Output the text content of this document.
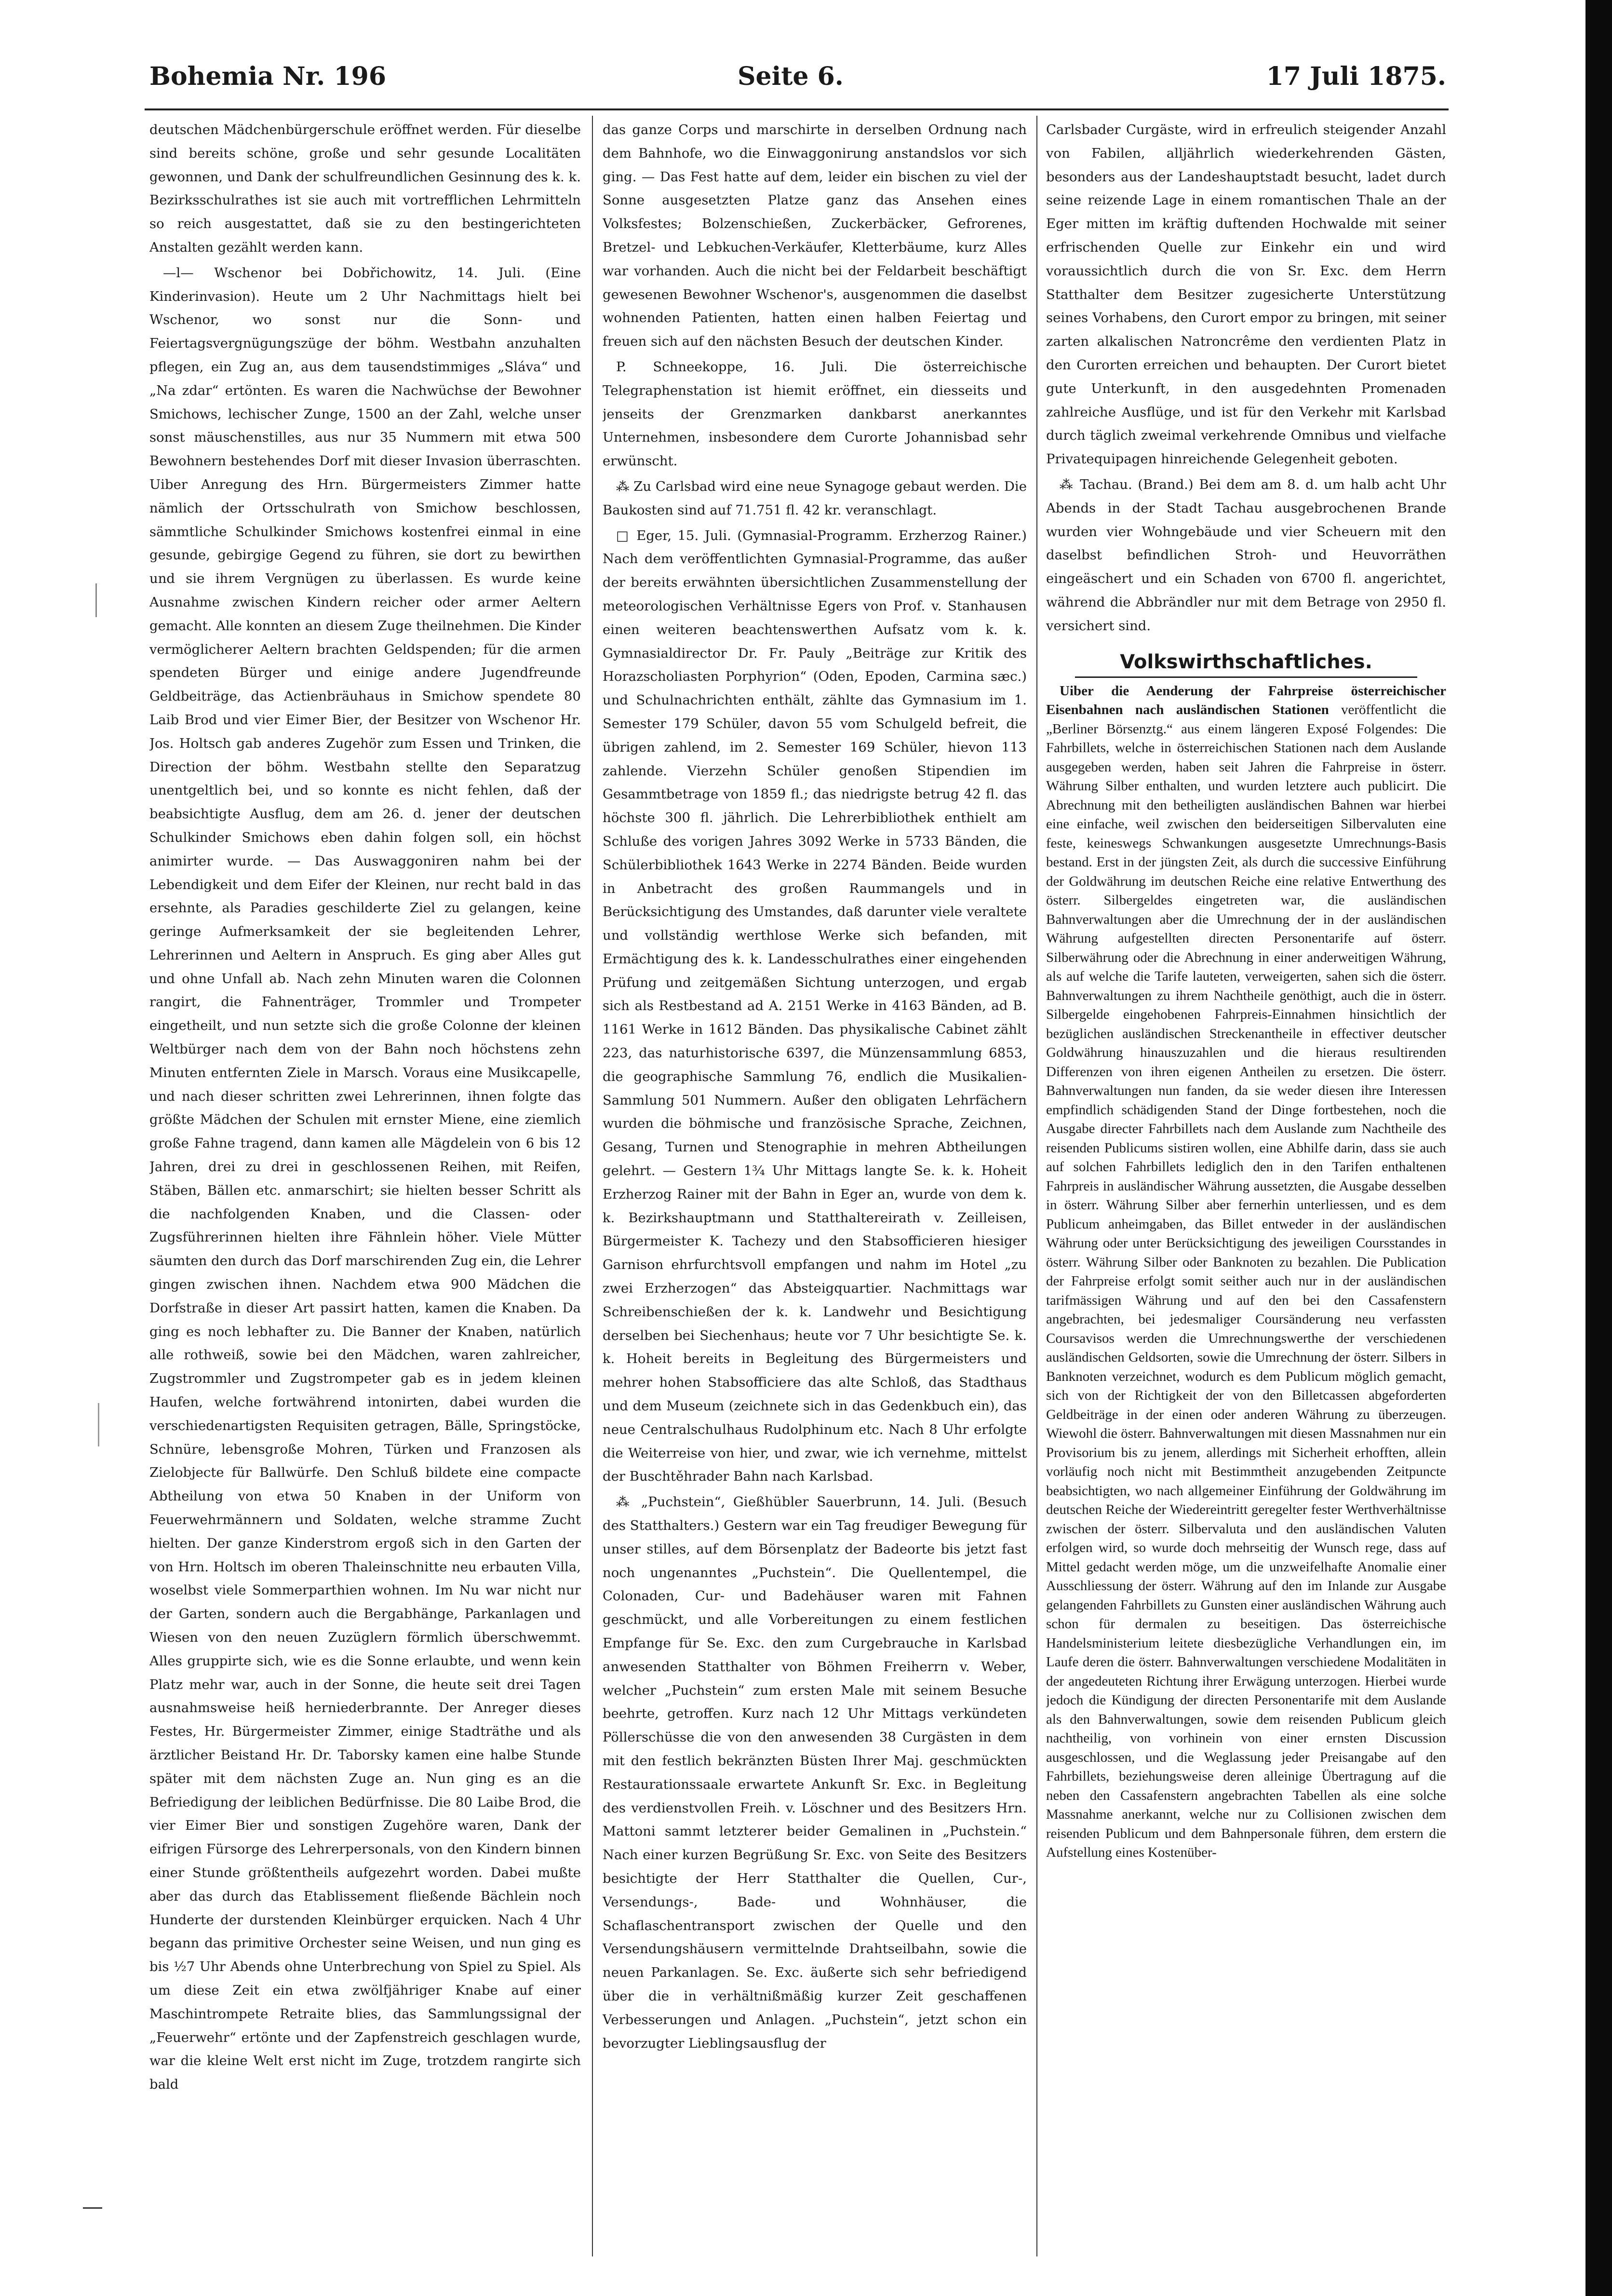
Bohemia Nr. 196	Seite 6.	17 Juli 1875.

deutschen Mädchenbürgerschule eröffnet werden. Für dieselbe sind bereits schöne, große und sehr gesunde Localitäten gewonnen, und Dank der schulfreundlichen Gesinnung des k. k. Bezirksschulrathes ist sie auch mit vortrefflichen Lehrmitteln so reich ausgestattet, daß sie zu den bestingerichteten Anstalten gezählt werden kann.

—l— Wschenor bei Dobřichowitz, 14. Juli. (Eine Kinderinvasion). Heute um 2 Uhr Nachmittags hielt bei Wschenor, wo sonst nur die Sonn- und Feiertagsvergnügungszüge der böhm. Westbahn anzuhalten pflegen, ein Zug an, aus dem tausendstimmiges „Sláva“ und „Na zdar“ ertönten. Es waren die Nachwüchse der Bewohner Smichows, lechischer Zunge, 1500 an der Zahl, welche unser sonst mäuschenstilles, aus nur 35 Nummern mit etwa 500 Bewohnern bestehendes Dorf mit dieser Invasion überraschten. Uiber Anregung des Hrn. Bürgermeisters Zimmer hatte nämlich der Ortsschulrath von Smichow beschlossen, sämmtliche Schulkinder Smichows kostenfrei einmal in eine gesunde, gebirgige Gegend zu führen, sie dort zu bewirthen und sie ihrem Vergnügen zu überlassen. Es wurde keine Ausnahme zwischen Kindern reicher oder armer Aeltern gemacht. Alle konnten an diesem Zuge theilnehmen. Die Kinder vermöglicherer Aeltern brachten Geldspenden; für die armen spendeten Bürger und einige andere Jugendfreunde Geldbeiträge, das Actienbräuhaus in Smichow spendete 80 Laib Brod und vier Eimer Bier, der Besitzer von Wschenor Hr. Jos. Holtsch gab anderes Zugehör zum Essen und Trinken, die Direction der böhm. Westbahn stellte den Separatzug unentgeltlich bei, und so konnte es nicht fehlen, daß der beabsichtigte Ausflug, dem am 26. d. jener der deutschen Schulkinder Smichows eben dahin folgen soll, ein höchst animirter wurde. — Das Auswaggoniren nahm bei der Lebendigkeit und dem Eifer der Kleinen, nur recht bald in das ersehnte, als Paradies geschilderte Ziel zu gelangen, keine geringe Aufmerksamkeit der sie begleitenden Lehrer, Lehrerinnen und Aeltern in Anspruch. Es ging aber Alles gut und ohne Unfall ab. Nach zehn Minuten waren die Colonnen rangirt, die Fahnenträger, Trommler und Trompeter eingetheilt, und nun setzte sich die große Colonne der kleinen Weltbürger nach dem von der Bahn noch höchstens zehn Minuten entfernten Ziele in Marsch. Voraus eine Musikcapelle, und nach dieser schritten zwei Lehrerinnen, ihnen folgte das größte Mädchen der Schulen mit ernster Miene, eine ziemlich große Fahne tragend, dann kamen alle Mägdelein von 6 bis 12 Jahren, drei zu drei in geschlossenen Reihen, mit Reifen, Stäben, Bällen etc. anmarschirt; sie hielten besser Schritt als die nachfolgenden Knaben, und die Classen- oder Zugsführerinnen hielten ihre Fähnlein höher. Viele Mütter säumten den durch das Dorf marschirenden Zug ein, die Lehrer gingen zwischen ihnen. Nachdem etwa 900 Mädchen die Dorfstraße in dieser Art passirt hatten, kamen die Knaben. Da ging es noch lebhafter zu. Die Banner der Knaben, natürlich alle rothweiß, sowie bei den Mädchen, waren zahlreicher, Zugstrommler und Zugstrompeter gab es in jedem kleinen Haufen, welche fortwährend intonirten, dabei wurden die verschiedenartigsten Requisiten getragen, Bälle, Springstöcke, Schnüre, lebensgroße Mohren, Türken und Franzosen als Zielobjecte für Ballwürfe. Den Schluß bildete eine compacte Abtheilung von etwa 50 Knaben in der Uniform von Feuerwehrmännern und Soldaten, welche stramme Zucht hielten. Der ganze Kinderstrom ergoß sich in den Garten der von Hrn. Holtsch im oberen Thaleinschnitte neu erbauten Villa, woselbst viele Sommerparthien wohnen. Im Nu war nicht nur der Garten, sondern auch die Bergabhänge, Parkanlagen und Wiesen von den neuen Zuzüglern förmlich überschwemmt. Alles gruppirte sich, wie es die Sonne erlaubte, und wenn kein Platz mehr war, auch in der Sonne, die heute seit drei Tagen ausnahmsweise heiß herniederbrannte. Der Anreger dieses Festes, Hr. Bürgermeister Zimmer, einige Stadträthe und als ärztlicher Beistand Hr. Dr. Taborsky kamen eine halbe Stunde später mit dem nächsten Zuge an. Nun ging es an die Befriedigung der leiblichen Bedürfnisse. Die 80 Laibe Brod, die vier Eimer Bier und sonstigen Zugehöre waren, Dank der eifrigen Fürsorge des Lehrerpersonals, von den Kindern binnen einer Stunde größtentheils aufgezehrt worden. Dabei mußte aber das durch das Etablissement fließende Bächlein noch Hunderte der durstenden Kleinbürger erquicken. Nach 4 Uhr begann das primitive Orchester seine Weisen, und nun ging es bis ½7 Uhr Abends ohne Unterbrechung von Spiel zu Spiel. Als um diese Zeit ein etwa zwölfjähriger Knabe auf einer Maschintrompete Retraite blies, das Sammlungssignal der „Feuerwehr“ ertönte und der Zapfenstreich geschlagen wurde, war die kleine Welt erst nicht im Zuge, trotzdem rangirte sich bald

das ganze Corps und marschirte in derselben Ordnung nach dem Bahnhofe, wo die Einwaggonirung anstandslos vor sich ging. — Das Fest hatte auf dem, leider ein bischen zu viel der Sonne ausgesetzten Platze ganz das Ansehen eines Volksfestes; Bolzenschießen, Zuckerbäcker, Gefrorenes, Bretzel- und Lebkuchen-Verkäufer, Kletterbäume, kurz Alles war vorhanden. Auch die nicht bei der Feldarbeit beschäftigt gewesenen Bewohner Wschenor's, ausgenommen die daselbst wohnenden Patienten, hatten einen halben Feiertag und freuen sich auf den nächsten Besuch der deutschen Kinder.

P. Schneekoppe, 16. Juli. Die österreichische Telegraphenstation ist hiemit eröffnet, ein diesseits und jenseits der Grenzmarken dankbarst anerkanntes Unternehmen, insbesondere dem Curorte Johannisbad sehr erwünscht.

⁂ Zu Carlsbad wird eine neue Synagoge gebaut werden. Die Baukosten sind auf 71.751 fl. 42 kr. veranschlagt.

□ Eger, 15. Juli. (Gymnasial-Programm. Erzherzog Rainer.) Nach dem veröffentlichten Gymnasial-Programme, das außer der bereits erwähnten übersichtlichen Zusammenstellung der meteorologischen Verhältnisse Egers von Prof. v. Stanhausen einen weiteren beachtenswerthen Aufsatz vom k. k. Gymnasialdirector Dr. Fr. Pauly „Beiträge zur Kritik des Horazscholiasten Porphyrion“ (Oden, Epoden, Carmina sæc.) und Schulnachrichten enthält, zählte das Gymnasium im 1. Semester 179 Schüler, davon 55 vom Schulgeld befreit, die übrigen zahlend, im 2. Semester 169 Schüler, hievon 113 zahlende. Vierzehn Schüler genoßen Stipendien im Gesammtbetrage von 1859 fl.; das niedrigste betrug 42 fl. das höchste 300 fl. jährlich. Die Lehrerbibliothek enthielt am Schluße des vorigen Jahres 3092 Werke in 5733 Bänden, die Schülerbibliothek 1643 Werke in 2274 Bänden. Beide wurden in Anbetracht des großen Raummangels und in Berücksichtigung des Umstandes, daß darunter viele veraltete und vollständig werthlose Werke sich befanden, mit Ermächtigung des k. k. Landesschulrathes einer eingehenden Prüfung und zeitgemäßen Sichtung unterzogen, und ergab sich als Restbestand ad A. 2151 Werke in 4163 Bänden, ad B. 1161 Werke in 1612 Bänden. Das physikalische Cabinet zählt 223, das naturhistorische 6397, die Münzensammlung 6853, die geographische Sammlung 76, endlich die Musikalien-Sammlung 501 Nummern. Außer den obligaten Lehrfächern wurden die böhmische und französische Sprache, Zeichnen, Gesang, Turnen und Stenographie in mehren Abtheilungen gelehrt. — Gestern 1¾ Uhr Mittags langte Se. k. k. Hoheit Erzherzog Rainer mit der Bahn in Eger an, wurde von dem k. k. Bezirkshauptmann und Statthaltereirath v. Zeilleisen, Bürgermeister K. Tachezy und den Stabsofficieren hiesiger Garnison ehrfurchtsvoll empfangen und nahm im Hotel „zu zwei Erzherzogen“ das Absteigquartier. Nachmittags war Schreibenschießen der k. k. Landwehr und Besichtigung derselben bei Siechenhaus; heute vor 7 Uhr besichtigte Se. k. k. Hoheit bereits in Begleitung des Bürgermeisters und mehrer hohen Stabsofficiere das alte Schloß, das Stadthaus und dem Museum (zeichnete sich in das Gedenkbuch ein), das neue Centralschulhaus Rudolphinum etc. Nach 8 Uhr erfolgte die Weiterreise von hier, und zwar, wie ich vernehme, mittelst der Buschtěhrader Bahn nach Karlsbad.

⁂ „Puchstein“, Gießhübler Sauerbrunn, 14. Juli. (Besuch des Statthalters.) Gestern war ein Tag freudiger Bewegung für unser stilles, auf dem Börsenplatz der Badeorte bis jetzt fast noch ungenanntes „Puchstein“. Die Quellentempel, die Colonaden, Cur- und Badehäuser waren mit Fahnen geschmückt, und alle Vorbereitungen zu einem festlichen Empfange für Se. Exc. den zum Curgebrauche in Karlsbad anwesenden Statthalter von Böhmen Freiherrn v. Weber, welcher „Puchstein“ zum ersten Male mit seinem Besuche beehrte, getroffen. Kurz nach 12 Uhr Mittags verkündeten Pöllerschüsse die von den anwesenden 38 Curgästen in dem mit den festlich bekränzten Büsten Ihrer Maj. geschmückten Restaurationssaale erwartete Ankunft Sr. Exc. in Begleitung des verdienstvollen Freih. v. Löschner und des Besitzers Hrn. Mattoni sammt letzterer beider Gemalinen in „Puchstein.“ Nach einer kurzen Begrüßung Sr. Exc. von Seite des Besitzers besichtigte der Herr Statthalter die Quellen, Cur-, Versendungs-, Bade- und Wohnhäuser, die Schaflaschentransport zwischen der Quelle und den Versendungshäusern vermittelnde Drahtseilbahn, sowie die neuen Parkanlagen. Se. Exc. äußerte sich sehr befriedigend über die in verhältnißmäßig kurzer Zeit geschaffenen Verbesserungen und Anlagen. „Puchstein“, jetzt schon ein bevorzugter Lieblingsausflug der

Carlsbader Curgäste, wird in erfreulich steigender Anzahl von Fabilen, alljährlich wiederkehrenden Gästen, besonders aus der Landeshauptstadt besucht, ladet durch seine reizende Lage in einem romantischen Thale an der Eger mitten im kräftig duftenden Hochwalde mit seiner erfrischenden Quelle zur Einkehr ein und wird voraussichtlich durch die von Sr. Exc. dem Herrn Statthalter dem Besitzer zugesicherte Unterstützung seines Vorhabens, den Curort empor zu bringen, mit seiner zarten alkalischen Natroncrême den verdienten Platz in den Curorten erreichen und behaupten. Der Curort bietet gute Unterkunft, in den ausgedehnten Promenaden zahlreiche Ausflüge, und ist für den Verkehr mit Karlsbad durch täglich zweimal verkehrende Omnibus und vielfache Privatequipagen hinreichende Gelegenheit geboten.

⁂ Tachau. (Brand.) Bei dem am 8. d. um halb acht Uhr Abends in der Stadt Tachau ausgebrochenen Brande wurden vier Wohngebäude und vier Scheuern mit den daselbst befindlichen Stroh- und Heuvorräthen eingeäschert und ein Schaden von 6700 fl. angerichtet, während die Abbrändler nur mit dem Betrage von 2950 fl. versichert sind.

Volkswirthschaftliches.

Uiber die Aenderung der Fahrpreise österreichischer Eisenbahnen nach ausländischen Stationen veröffentlicht die „Berliner Börsenztg.“ aus einem längeren Exposé Folgendes: Die Fahrbillets, welche in österreichischen Stationen nach dem Auslande ausgegeben werden, haben seit Jahren die Fahrpreise in österr. Währung Silber enthalten, und wurden letztere auch publicirt. Die Abrechnung mit den betheiligten ausländischen Bahnen war hierbei eine einfache, weil zwischen den beiderseitigen Silbervaluten eine feste, keineswegs Schwankungen ausgesetzte Umrechnungs-Basis bestand. Erst in der jüngsten Zeit, als durch die successive Einführung der Goldwährung im deutschen Reiche eine relative Entwerthung des österr. Silbergeldes eingetreten war, die ausländischen Bahnverwaltungen aber die Umrechnung der in der ausländischen Währung aufgestellten directen Personentarife auf österr. Silberwährung oder die Abrechnung in einer anderweitigen Währung, als auf welche die Tarife lauteten, verweigerten, sahen sich die österr. Bahnverwaltungen zu ihrem Nachtheile genöthigt, auch die in österr. Silbergelde eingehobenen Fahrpreis-Einnahmen hinsichtlich der bezüglichen ausländischen Streckenantheile in effectiver deutscher Goldwährung hinauszuzahlen und die hieraus resultirenden Differenzen von ihren eigenen Antheilen zu ersetzen. Die österr. Bahnverwaltungen nun fanden, da sie weder diesen ihre Interessen empfindlich schädigenden Stand der Dinge fortbestehen, noch die Ausgabe directer Fahrbillets nach dem Auslande zum Nachtheile des reisenden Publicums sistiren wollen, eine Abhilfe darin, dass sie auch auf solchen Fahrbillets lediglich den in den Tarifen enthaltenen Fahrpreis in ausländischer Währung aussetzten, die Ausgabe desselben in österr. Währung Silber aber fernerhin unterliessen, und es dem Publicum anheimgaben, das Billet entweder in der ausländischen Währung oder unter Berücksichtigung des jeweiligen Coursstandes in österr. Währung Silber oder Banknoten zu bezahlen. Die Publication der Fahrpreise erfolgt somit seither auch nur in der ausländischen tarifmässigen Währung und auf den bei den Cassafenstern angebrachten, bei jedesmaliger Coursänderung neu verfassten Coursavisos werden die Umrechnungswerthe der verschiedenen ausländischen Geldsorten, sowie die Umrechnung der österr. Silbers in Banknoten verzeichnet, wodurch es dem Publicum möglich gemacht, sich von der Richtigkeit der von den Billetcassen abgeforderten Geldbeiträge in der einen oder anderen Währung zu überzeugen. Wiewohl die österr. Bahnverwaltungen mit diesen Massnahmen nur ein Provisorium bis zu jenem, allerdings mit Sicherheit erhofften, allein vorläufig noch nicht mit Bestimmtheit anzugebenden Zeitpuncte beabsichtigten, wo nach allgemeiner Einführung der Goldwährung im deutschen Reiche der Wiedereintritt geregelter fester Werthverhältnisse zwischen der österr. Silbervaluta und den ausländischen Valuten erfolgen wird, so wurde doch mehrseitig der Wunsch rege, dass auf Mittel gedacht werden möge, um die unzweifelhafte Anomalie einer Ausschliessung der österr. Währung auf den im Inlande zur Ausgabe gelangenden Fahrbillets zu Gunsten einer ausländischen Währung auch schon für dermalen zu beseitigen. Das österreichische Handelsministerium leitete diesbezügliche Verhandlungen ein, im Laufe deren die österr. Bahnverwaltungen verschiedene Modalitäten in der angedeuteten Richtung ihrer Erwägung unterzogen. Hierbei wurde jedoch die Kündigung der directen Personentarife mit dem Auslande als den Bahnverwaltungen, sowie dem reisenden Publicum gleich nachtheilig, von vorhinein von einer ernsten Discussion ausgeschlossen, und die Weglassung jeder Preisangabe auf den Fahrbillets, beziehungsweise deren alleinige Übertragung auf die neben den Cassafenstern angebrachten Tabellen als eine solche Massnahme anerkannt, welche nur zu Collisionen zwischen dem reisenden Publicum und dem Bahnpersonale führen, dem erstern die Aufstellung eines Kostenüber-
